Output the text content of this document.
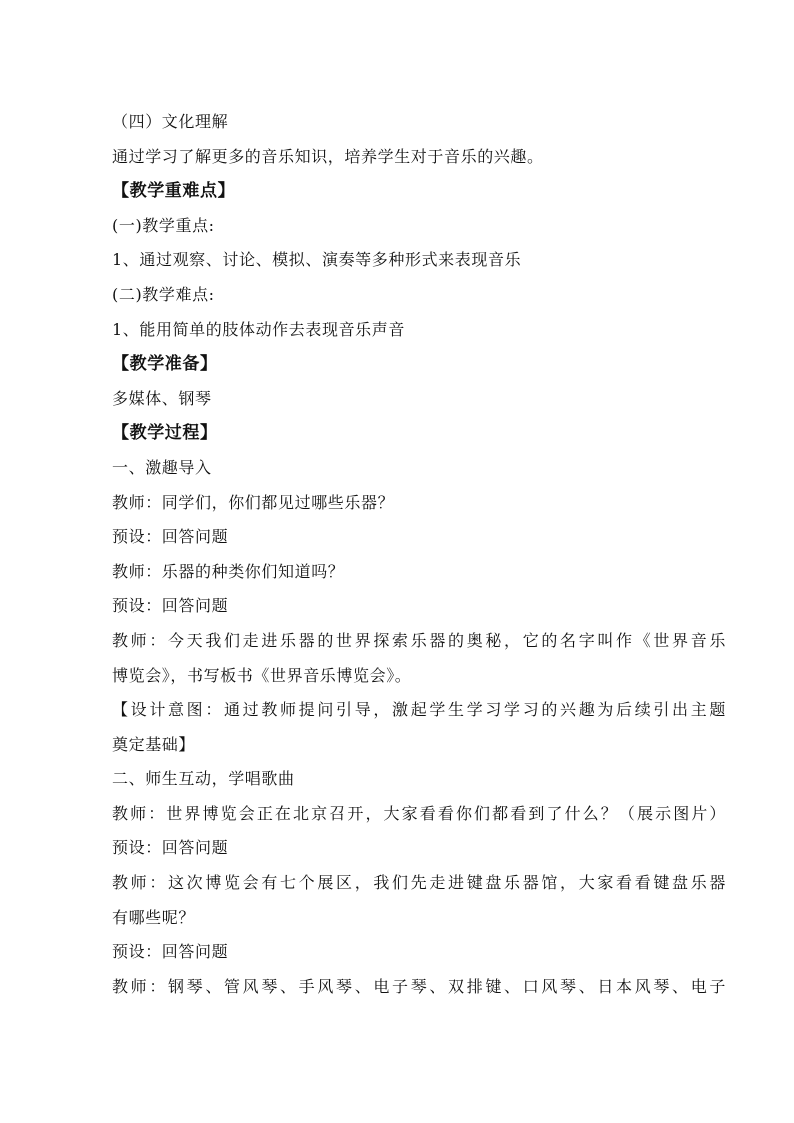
（四）文化理解
通过学习了解更多的音乐知识，培养学生对于音乐的兴趣。
【教学重难点】
(一)教学重点:
1、通过观察、讨论、模拟、演奏等多种形式来表现音乐
(二)教学难点:
1、能用简单的肢体动作去表现音乐声音
【教学准备】
多媒体、钢琴
【教学过程】
一、激趣导入
教师：同学们，你们都见过哪些乐器？
预设：回答问题
教师：乐器的种类你们知道吗？
预设：回答问题
教师：今天我们走进乐器的世界探索乐器的奥秘，它的名字叫作《世界音乐
博览会》，书写板书《世界音乐博览会》。
【设计意图：通过教师提问引导，激起学生学习学习的兴趣为后续引出主题
奠定基础】
二、师生互动，学唱歌曲
教师：世界博览会正在北京召开，大家看看你们都看到了什么？（展示图片）
预设：回答问题
教师：这次博览会有七个展区，我们先走进键盘乐器馆，大家看看键盘乐器
有哪些呢？
预设：回答问题
教师：钢琴、管风琴、手风琴、电子琴、双排键、口风琴、日本风琴、电子
